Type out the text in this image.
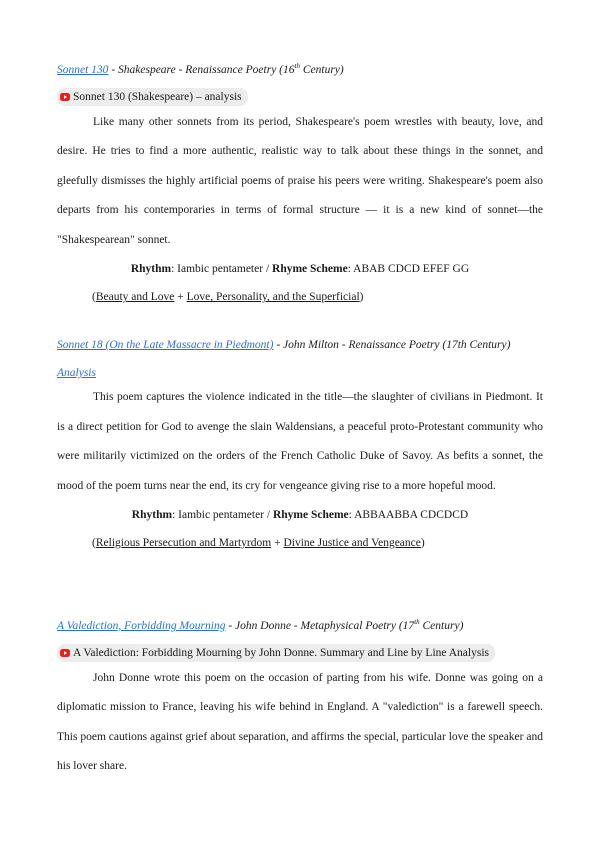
Sonnet 130 - Shakespeare - Renaissance Poetry (16th Century)
Sonnet 130 (Shakespeare) – analysis

Like many other sonnets from its period, Shakespeare's poem wrestles with beauty, love, and desire. He tries to find a more authentic, realistic way to talk about these things in the sonnet, and gleefully dismisses the highly artificial poems of praise his peers were writing. Shakespeare's poem also departs from his contemporaries in terms of formal structure — it is a new kind of sonnet—the "Shakespearean" sonnet.

Rhythm: Iambic pentameter / Rhyme Scheme: ABAB CDCD EFEF GG
(Beauty and Love + Love, Personality, and the Superficial)
Sonnet 18 (On the Late Massacre in Piedmont) - John Milton - Renaissance Poetry (17th Century)
Analysis

This poem captures the violence indicated in the title—the slaughter of civilians in Piedmont. It is a direct petition for God to avenge the slain Waldensians, a peaceful proto-Protestant community who were militarily victimized on the orders of the French Catholic Duke of Savoy. As befits a sonnet, the mood of the poem turns near the end, its cry for vengeance giving rise to a more hopeful mood.

Rhythm: Iambic pentameter / Rhyme Scheme: ABBAABBA CDCDCD
(Religious Persecution and Martyrdom + Divine Justice and Vengeance)
A Valediction, Forbidding Mourning - John Donne - Metaphysical Poetry (17th Century)
A Valediction: Forbidding Mourning by John Donne. Summary and Line by Line Analysis

John Donne wrote this poem on the occasion of parting from his wife. Donne was going on a diplomatic mission to France, leaving his wife behind in England. A "valediction" is a farewell speech. This poem cautions against grief about separation, and affirms the special, particular love the speaker and his lover share.
